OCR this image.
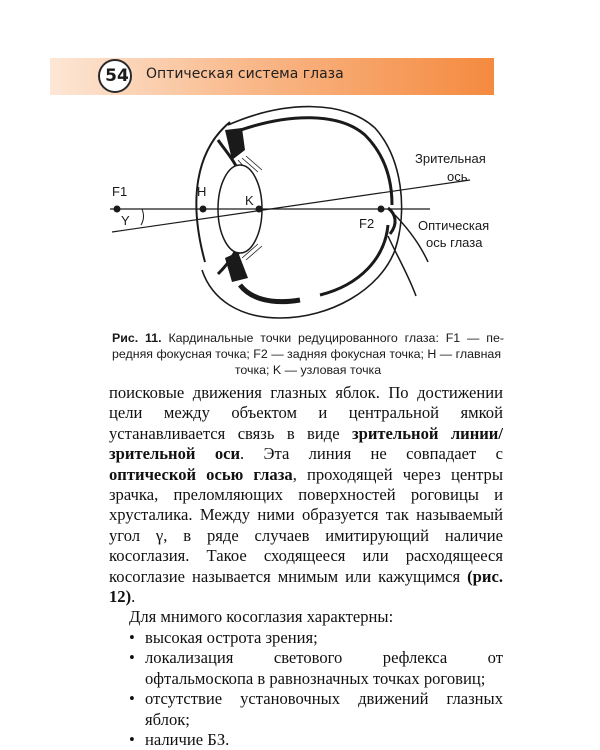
54	Оптическая система глаза
F1
Y
H
K
F2
Зрительная
ось
Оптическая
ось глаза
Рис. 11. Кардинальные точки редуцированного глаза: F1 — пе- редняя фокусная точка; F2 — задняя фокусная точка; H — главная
точка; K — узловая точка

поисковые движения глазных яблок. По достижении цели между объектом и центральной ямкой устанавливается связь в виде зрительной линии/зрительной оси. Эта линия не совпадает с оптической осью глаза, проходящей через центры зрачка, преломляющих поверхностей роговицы и хрусталика. Между ними образуется так называемый угол γ, в ряде случаев имитирующий наличие косоглазия. Такое сходящееся или расходящееся косоглазие называется мнимым или кажущимся (рис. 12).

Для мнимого косоглазия характерны:

• высокая острота зрения;
• локализация светового рефлекса от офтальмоскопа в равнозначных точках роговиц;
• отсутствие установочных движений глазных яблок;
• наличие БЗ.
